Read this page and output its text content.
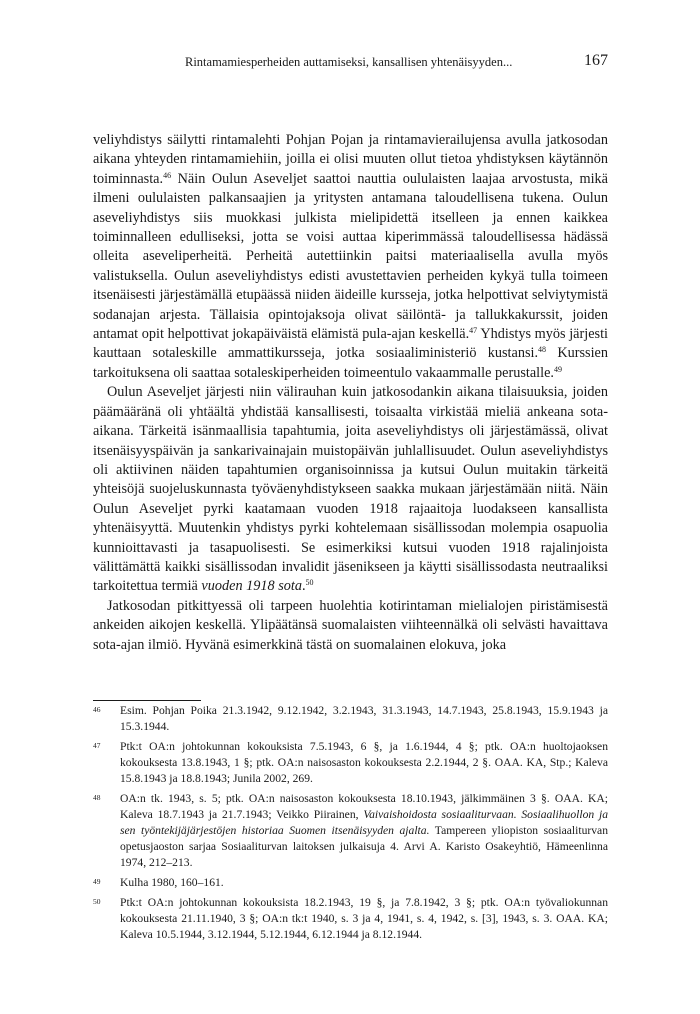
Rintamamiesperheiden auttamiseksi, kansallisen yhtenäisyyden...	167

veliyhdistys säilytti rintamalehti Pohjan Pojan ja rintamavierailujensa avulla jatkosodan aikana yhteyden rintamamiehiin, joilla ei olisi muuten ollut tietoa yhdistyksen käytännön toiminnasta.$^{46}$ Näin Oulun Aseveljet saattoi nauttia oululaisten laajaa arvostusta, mikä ilmeni oululaisten palkansaajien ja yritysten antamana taloudellisena tukena. Oulun aseveliyhdistys siis muokkasi julkista mielipidettä itselleen ja ennen kaikkea toiminnalleen edulliseksi, jotta se voisi auttaa kiperimmässä taloudellisessa hädässä olleita aseveliperheitä. Perheitä autettiinkin paitsi materiaalisella avulla myös valistuksella. Oulun aseveliyhdistys edisti avustettavien perheiden kykyä tulla toimeen itsenäisesti järjestämällä etupäässä niiden äideille kursseja, jotka helpottivat selviytymistä sodanajan arjesta. Tällaisia opintojaksoja olivat säilöntä- ja tallukkakurssit, joiden antamat opit helpottivat jokapäiväistä elämistä pula-ajan keskellä.$^{47}$ Yhdistys myös järjesti kauttaan sotaleskille ammattikursseja, jotka sosiaaliministeriö kustansi.$^{48}$ Kurssien tarkoituksena oli saattaa sotaleskiperheiden toimeentulo vakaammalle perustalle.$^{49}$

Oulun Aseveljet järjesti niin välirauhan kuin jatkosodankin aikana tilaisuuksia, joiden päämääränä oli yhtäältä yhdistää kansallisesti, toisaalta virkistää mieliä ankeana sota-aikana. Tärkeitä isänmaallisia tapahtumia, joita aseveliyhdistys oli järjestämässä, olivat itsenäisyyspäivän ja sankarivainajain muistopäivän juhlallisuudet. Oulun aseveliyhdistys oli aktiivinen näiden tapahtumien organisoinnissa ja kutsui Oulun muitakin tärkeitä yhteisöjä suojeluskunnasta työväenyhdistykseen saakka mukaan järjestämään niitä. Näin Oulun Aseveljet pyrki kaatamaan vuoden 1918 rajaaitoja luodakseen kansallista yhtenäisyyttä. Muutenkin yhdistys pyrki kohtelemaan sisällissodan molempia osapuolia kunnioittavasti ja tasapuolisesti. Se esimerkiksi kutsui vuoden 1918 rajalinjoista välittämättä kaikki sisällissodan invalidit jäsenikseen ja käytti sisällissodasta neutraaliksi tarkoitettua termiä vuoden 1918 sota.$^{50}$

Jatkosodan pitkittyessä oli tarpeen huolehtia kotirintaman mielialojen piristämisestä ankeiden aikojen keskellä. Ylipäätänsä suomalaisten viihteennälkä oli selvästi havaittava sota-ajan ilmiö. Hyvänä esimerkkinä tästä on suomalainen elokuva, joka

46 Esim. Pohjan Poika 21.3.1942, 9.12.1942, 3.2.1943, 31.3.1943, 14.7.1943, 25.8.1943, 15.9.1943 ja 15.3.1944.
47 Ptk:t OA:n johtokunnan kokouksista 7.5.1943, 6 §, ja 1.6.1944, 4 §; ptk. OA:n huoltojaoksen kokouksesta 13.8.1943, 1 §; ptk. OA:n naisosaston kokouksesta 2.2.1944, 2 §. OAA. KA, Stp.; Kaleva 15.8.1943 ja 18.8.1943; Junila 2002, 269.
48 OA:n tk. 1943, s. 5; ptk. OA:n naisosaston kokouksesta 18.10.1943, jälkimmäinen 3 §. OAA. KA; Kaleva 18.7.1943 ja 21.7.1943; Veikko Piirainen, Vaivaishoidosta sosiaaliturvaan. Sosiaalihuollon ja sen työntekijäjärjestöjen historiaa Suomen itsenäisyyden ajalta. Tampereen yliopiston sosiaaliturvan opetusjaoston sarjaa Sosiaaliturvan laitoksen julkaisuja 4. Arvi A. Karisto Osakeyhtiö, Hämeenlinna 1974, 212–213.
49 Kulha 1980, 160–161.
50 Ptk:t OA:n johtokunnan kokouksista 18.2.1943, 19 §, ja 7.8.1942, 3 §; ptk. OA:n työvaliokunnan kokouksesta 21.11.1940, 3 §; OA:n tk:t 1940, s. 3 ja 4, 1941, s. 4, 1942, s. [3], 1943, s. 3. OAA. KA; Kaleva 10.5.1944, 3.12.1944, 5.12.1944, 6.12.1944 ja 8.12.1944.
